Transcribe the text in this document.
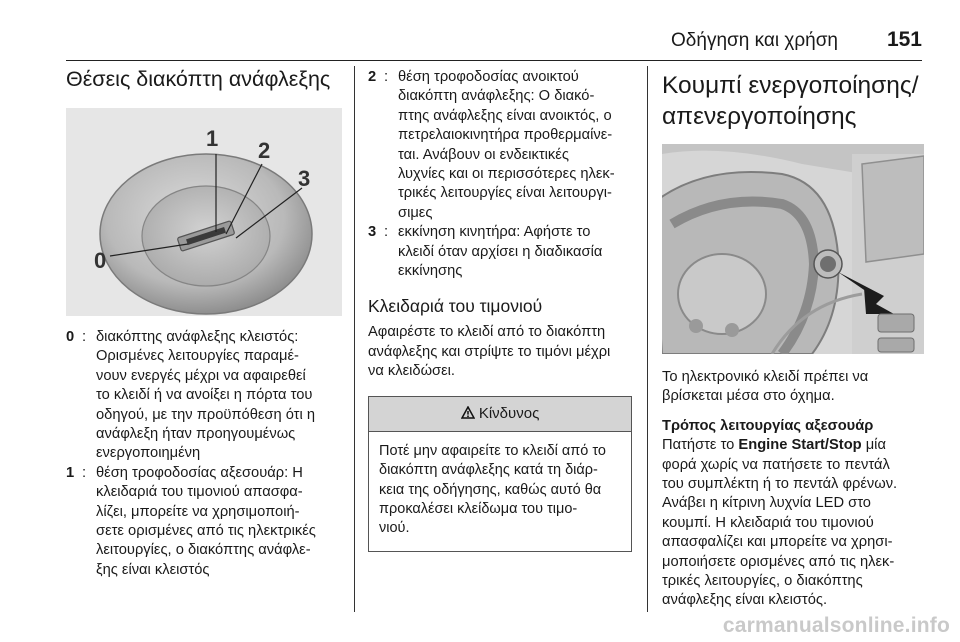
Οδήγηση και χρήση 151
Θέσεις διακόπτη ανάφλεξης
1 2
3
0
0 : διακόπτης ανάφλεξης κλειστός:
Ορισμένες λειτουργίες παραμέ‐
νουν ενεργές μέχρι να αφαιρεθεί
το κλειδί ή να ανοίξει η πόρτα του
οδηγού, με την προϋπόθεση ότι η
ανάφλεξη ήταν προηγουμένως
ενεργοποιημένη
1 : θέση τροφοδοσίας αξεσουάρ: Η
κλειδαριά του τιμονιού απασφα‐
λίζει, μπορείτε να χρησιμοποιή‐
σετε ορισμένες από τις ηλεκτρικές
λειτουργίες, ο διακόπτης ανάφλε‐
ξης είναι κλειστός
2 : θέση τροφοδοσίας ανοικτού
διακόπτη ανάφλεξης: Ο διακό‐
πτης ανάφλεξης είναι ανοικτός, ο
πετρελαιοκινητήρα προθερμαίνε‐
ται. Ανάβουν οι ενδεικτικές
λυχνίες και οι περισσότερες ηλεκ‐
τρικές λειτουργίες είναι λειτουργι‐
σιμες
3 : εκκίνηση κινητήρα: Αφήστε το
κλειδί όταν αρχίσει η διαδικασία
εκκίνησης
Κλειδαριά του τιμονιού
Αφαιρέστε το κλειδί από το διακόπτη
ανάφλεξης και στρίψτε το τιμόνι μέχρι
να κλειδώσει.
Κίνδυνος
Ποτέ μην αφαιρείτε το κλειδί από το
διακόπτη ανάφλεξης κατά τη διάρ‐
κεια της οδήγησης, καθώς αυτό θα
προκαλέσει κλείδωμα του τιμο‐
νιού.
Κουμπί ενεργοποίησης/
απενεργοποίησης
Το ηλεκτρονικό κλειδί πρέπει να
βρίσκεται μέσα στο όχημα.
Τρόπος λειτουργίας αξεσουάρ
Πατήστε το Engine Start/Stop μία
φορά χωρίς να πατήσετε το πεντάλ
του συμπλέκτη ή το πεντάλ φρένων.
Ανάβει η κίτρινη λυχνία LED στο
κουμπί. Η κλειδαριά του τιμονιού
απασφαλίζει και μπορείτε να χρησι‐
μοποιήσετε ορισμένες από τις ηλεκ‐
τρικές λειτουργίες, ο διακόπτης
ανάφλεξης είναι κλειστός.
carmanualsonline.info
